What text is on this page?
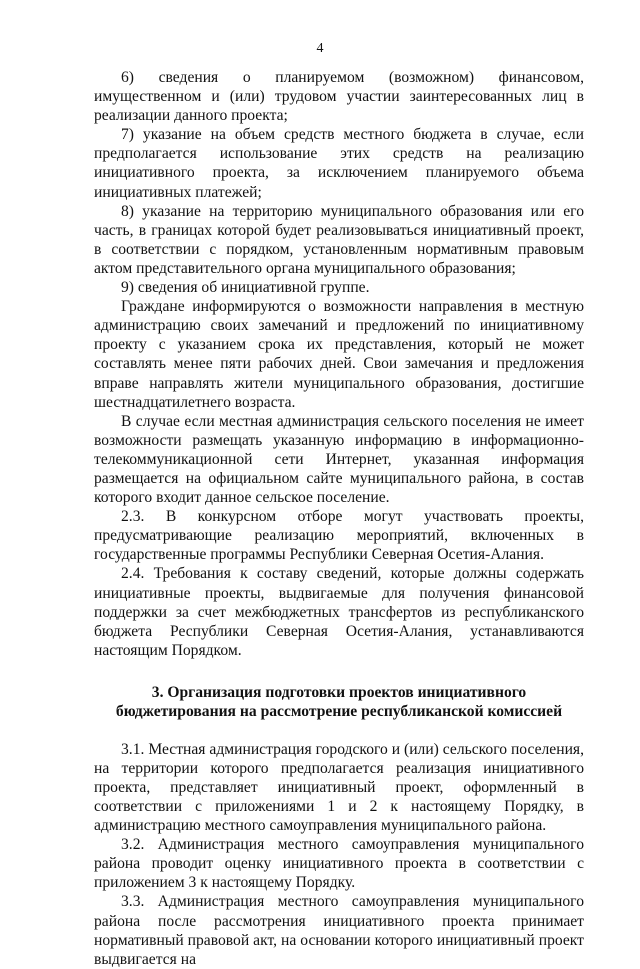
4

6) сведения о планируемом (возможном) финансовом, имущественном и (или) трудовом участии заинтересованных лиц в реализации данного проекта;

7) указание на объем средств местного бюджета в случае, если предполагается использование этих средств на реализацию инициативного проекта, за исключением планируемого объема инициативных платежей;

8) указание на территорию муниципального образования или его часть, в границах которой будет реализовываться инициативный проект, в соответствии с порядком, установленным нормативным правовым актом представительного органа муниципального образования;

9) сведения об инициативной группе.

Граждане информируются о возможности направления в местную администрацию своих замечаний и предложений по инициативному проекту с указанием срока их представления, который не может составлять менее пяти рабочих дней. Свои замечания и предложения вправе направлять жители муниципального образования, достигшие шестнадцатилетнего возраста.

В случае если местная администрация сельского поселения не имеет возможности размещать указанную информацию в информационно-телекоммуникационной сети Интернет, указанная информация размещается на официальном сайте муниципального района, в состав которого входит данное сельское поселение.

2.3. В конкурсном отборе могут участвовать проекты, предусматривающие реализацию мероприятий, включенных в государственные программы Республики Северная Осетия-Алания.

2.4. Требования к составу сведений, которые должны содержать инициативные проекты, выдвигаемые для получения финансовой поддержки за счет межбюджетных трансфертов из республиканского бюджета Республики Северная Осетия-Алания, устанавливаются настоящим Порядком.

3. Организация подготовки проектов инициативного
бюджетирования на рассмотрение республиканской комиссией

3.1. Местная администрация городского и (или) сельского поселения, на территории которого предполагается реализация инициативного проекта, представляет инициативный проект, оформленный в соответствии с приложениями 1 и 2 к настоящему Порядку, в администрацию местного самоуправления муниципального района.

3.2. Администрация местного самоуправления муниципального района проводит оценку инициативного проекта в соответствии с приложением 3 к настоящему Порядку.

3.3. Администрация местного самоуправления муниципального района после рассмотрения инициативного проекта принимает нормативный правовой акт, на основании которого инициативный проект выдвигается на
